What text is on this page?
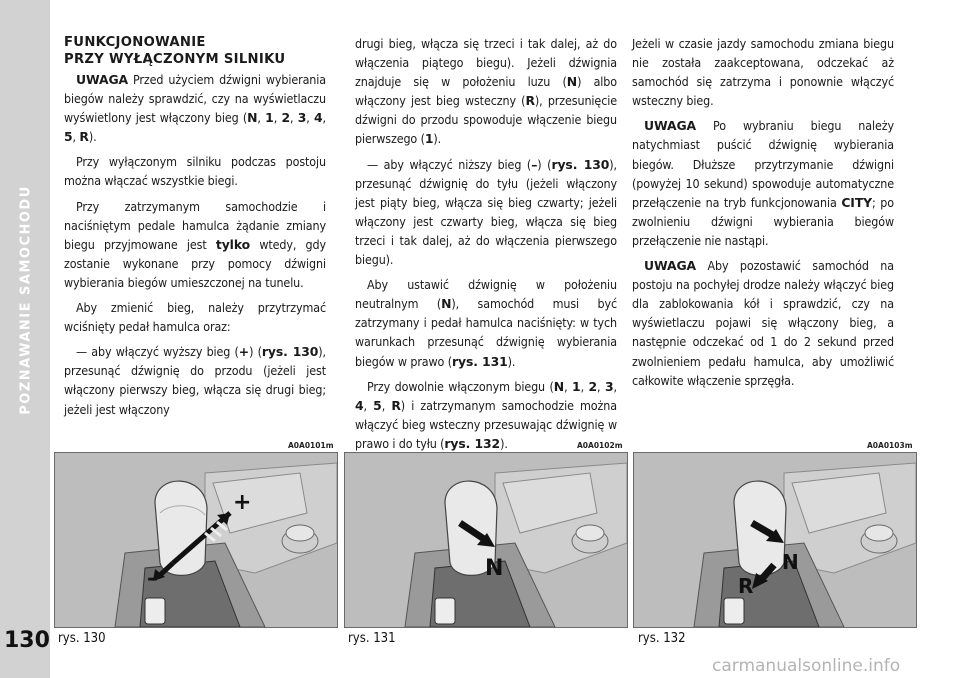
POZNAWANIE SAMOCHODU
130
FUNKCJONOWANIE
PRZY WYŁĄCZONYM SILNIKU

UWAGA Przed użyciem dźwigni wybierania biegów należy sprawdzić, czy na wyświetlaczu wyświetlony jest włączony bieg (N, 1, 2, 3, 4, 5, R).

Przy wyłączonym silniku podczas postoju można włączać wszystkie biegi.

Przy zatrzymanym samochodzie i naciśniętym pedale hamulca żądanie zmiany biegu przyjmowane jest tylko wtedy, gdy zostanie wykonane przy pomocy dźwigni wybierania biegów umieszczonej na tunelu.

Aby zmienić bieg, należy przytrzymać wciśnięty pedał hamulca oraz:

— aby włączyć wyższy bieg (+) (rys. 130), przesunąć dźwignię do przodu (jeżeli jest włączony pierwszy bieg, włącza się drugi bieg; jeżeli jest włączony

drugi bieg, włącza się trzeci i tak dalej, aż do włączenia piątego biegu). Jeżeli dźwignia znajduje się w położeniu luzu (N) albo włączony jest bieg wsteczny (R), przesunięcie dźwigni do przodu spowoduje włączenie biegu pierwszego (1).

— aby włączyć niższy bieg (–) (rys. 130), przesunąć dźwignię do tyłu (jeżeli włączony jest piąty bieg, włącza się bieg czwarty; jeżeli włączony jest czwarty bieg, włącza się bieg trzeci i tak dalej, aż do włączenia pierwszego biegu).

Aby ustawić dźwignię w położeniu neutralnym (N), samochód musi być zatrzymany i pedał hamulca naciśnięty: w tych warunkach przesunąć dźwignię wybierania biegów w prawo (rys. 131).

Przy dowolnie włączonym biegu (N, 1, 2, 3, 4, 5, R) i zatrzymanym samochodzie można włączyć bieg wsteczny przesuwając dźwignię w prawo i do tyłu (rys. 132).

Jeżeli w czasie jazdy samochodu zmiana biegu nie została zaakceptowana, odczekać aż samochód się zatrzyma i ponownie włączyć wsteczny bieg.

UWAGA Po wybraniu biegu należy natychmiast puścić dźwignię wybierania biegów. Dłuższe przytrzymanie dźwigni (powyżej 10 sekund) spowoduje automatyczne przełączenie na tryb funkcjonowania CITY; po zwolnieniu dźwigni wybierania biegów przełączenie nie nastąpi.

UWAGA Aby pozostawić samochód na postoju na pochyłej drodze należy włączyć bieg dla zablokowania kół i sprawdzić, czy na wyświetlaczu pojawi się włączony bieg, a następnie odczekać od 1 do 2 sekund przed zwolnieniem pedału hamulca, aby umożliwić całkowite włączenie sprzęgła.

A0A0101m	A0A0102m	A0A0103m
+
–	N	N
R
rys. 130	rys. 131	rys. 132
carmanualsonline.info
